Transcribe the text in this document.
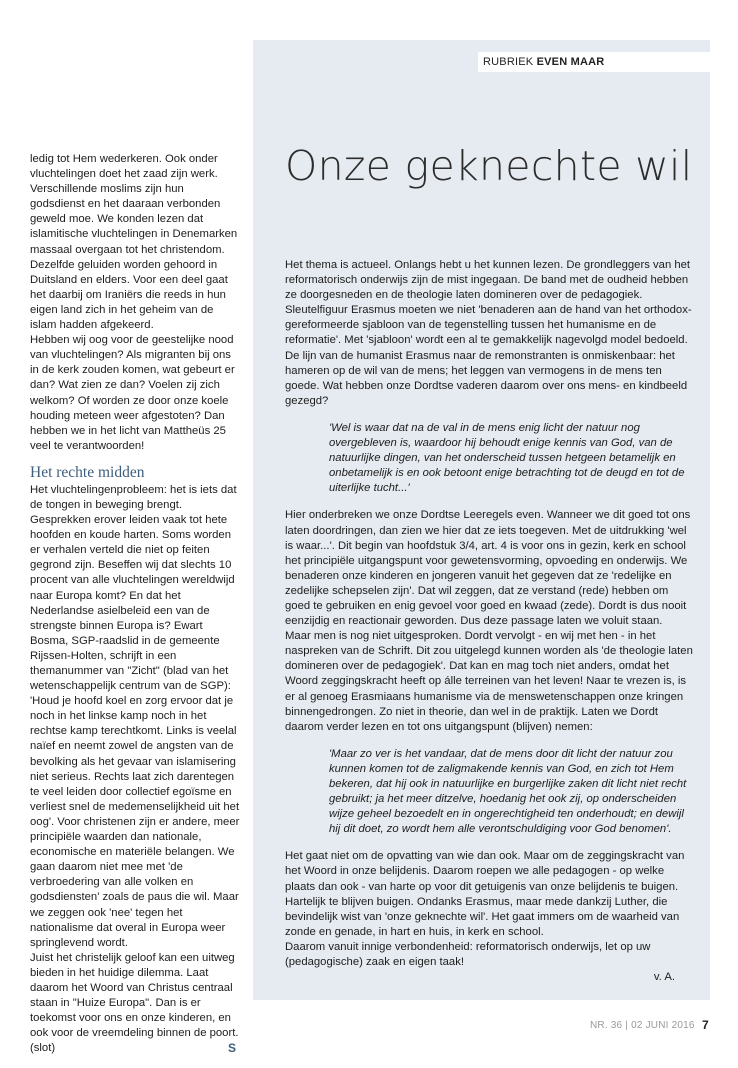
RUBRIEK EVEN MAAR

ledig tot Hem wederkeren. Ook onder vluchtelingen doet het zaad zijn werk. Verschillende moslims zijn hun godsdienst en het daaraan verbonden geweld moe. We konden lezen dat islamitische vluchtelingen in Denemarken massaal overgaan tot het christendom. Dezelfde geluiden worden gehoord in Duitsland en elders. Voor een deel gaat het daarbij om Iraniërs die reeds in hun eigen land zich in het geheim van de islam hadden afgekeerd.

Hebben wij oog voor de geestelijke nood van vluchtelingen? Als migranten bij ons in de kerk zouden komen, wat gebeurt er dan? Wat zien ze dan? Voelen zij zich welkom? Of worden ze door onze koele houding meteen weer afgestoten? Dan hebben we in het licht van Mattheüs 25 veel te verantwoorden!

Het rechte midden

Het vluchtelingenprobleem: het is iets dat de tongen in beweging brengt. Gesprekken erover leiden vaak tot hete hoofden en koude harten. Soms worden er verhalen verteld die niet op feiten gegrond zijn. Beseffen wij dat slechts 10 procent van alle vluchtelingen wereldwijd naar Europa komt? En dat het Nederlandse asielbeleid een van de strengste binnen Europa is? Ewart Bosma, SGP-raadslid in de gemeente Rijssen-Holten, schrijft in een themanummer van "Zicht" (blad van het wetenschappelijk centrum van de SGP): 'Houd je hoofd koel en zorg ervoor dat je noch in het linkse kamp noch in het rechtse kamp terechtkomt. Links is veelal naïef en neemt zowel de angsten van de bevolking als het gevaar van islamisering niet serieus. Rechts laat zich darentegen te veel leiden door collectief egoïsme en verliest snel de medemenselijkheid uit het oog'. Voor christenen zijn er andere, meer principiële waarden dan nationale, economische en materiële belangen. We gaan daarom niet mee met 'de verbroedering van alle volken en godsdiensten' zoals de paus die wil. Maar we zeggen ook 'nee' tegen het nationalisme dat overal in Europa weer springlevend wordt.

Juist het christelijk geloof kan een uitweg bieden in het huidige dilemma. Laat daarom het Woord van Christus centraal staan in "Huize Europa". Dan is er toekomst voor ons en onze kinderen, en ook voor de vreemdeling binnen de poort.

(slot)	S
Onze geknechte wil

Het thema is actueel. Onlangs hebt u het kunnen lezen. De grondleggers van het reformatorisch onderwijs zijn de mist ingegaan. De band met de oudheid hebben ze doorgesneden en de theologie laten domineren over de pedagogiek. Sleutelfiguur Erasmus moeten we niet 'benaderen aan de hand van het orthodox-gereformeerde sjabloon van de tegenstelling tussen het humanisme en de reformatie'. Met 'sjabloon' wordt een al te gemakkelijk nagevolgd model bedoeld.

De lijn van de humanist Erasmus naar de remonstranten is onmiskenbaar: het hameren op de wil van de mens; het leggen van vermogens in de mens ten goede. Wat hebben onze Dordtse vaderen daarom over ons mens- en kindbeeld gezegd?

'Wel is waar dat na de val in de mens enig licht der natuur nog overgebleven is, waardoor hij behoudt enige kennis van God, van de natuurlijke dingen, van het onderscheid tussen hetgeen betamelijk en onbetamelijk is en ook betoont enige betrachting tot de deugd en tot de uiterlijke tucht...'

Hier onderbreken we onze Dordtse Leeregels even. Wanneer we dit goed tot ons laten doordringen, dan zien we hier dat ze iets toegeven. Met de uitdrukking 'wel is waar...'. Dit begin van hoofdstuk 3/4, art. 4 is voor ons in gezin, kerk en school het principiële uitgangspunt voor gewetensvorming, opvoeding en onderwijs. We benaderen onze kinderen en jongeren vanuit het gegeven dat ze 'redelijke en zedelijke schepselen zijn'. Dat wil zeggen, dat ze verstand (rede) hebben om goed te gebruiken en enig gevoel voor goed en kwaad (zede). Dordt is dus nooit eenzijdig en reactionair geworden. Dus deze passage laten we voluit staan.

Maar men is nog niet uitgesproken. Dordt vervolgt - en wij met hen - in het naspreken van de Schrift. Dit zou uitgelegd kunnen worden als 'de theologie laten domineren over de pedagogiek'. Dat kan en mag toch niet anders, omdat het Woord zeggingskracht heeft op álle terreinen van het leven! Naar te vrezen is, is er al genoeg Erasmiaans humanisme via de menswetenschappen onze kringen binnengedrongen. Zo niet in theorie, dan wel in de praktijk. Laten we Dordt daarom verder lezen en tot ons uitgangspunt (blijven) nemen:

'Maar zo ver is het vandaar, dat de mens door dit licht der natuur zou kunnen komen tot de zaligmakende kennis van God, en zich tot Hem bekeren, dat hij ook in natuurlijke en burgerlijke zaken dit licht niet recht gebruikt; ja het meer ditzelve, hoedanig het ook zij, op onderscheiden wijze geheel bezoedelt en in ongerechtigheid ten onderhoudt; en dewijl hij dit doet, zo wordt hem alle verontschuldiging voor God benomen'.

Het gaat niet om de opvatting van wie dan ook. Maar om de zeggingskracht van het Woord in onze belijdenis. Daarom roepen we alle pedagogen - op welke plaats dan ook - van harte op voor dit getuigenis van onze belijdenis te buigen. Hartelijk te blijven buigen. Ondanks Erasmus, maar mede dankzij Luther, die bevindelijk wist van 'onze geknechte wil'. Het gaat immers om de waarheid van zonde en genade, in hart en huis, in kerk en school.

Daarom vanuit innige verbondenheid: reformatorisch onderwijs, let op uw (pedagogische) zaak en eigen taak!

v. A.

NR. 36 | 02 JUNI 2016 7
